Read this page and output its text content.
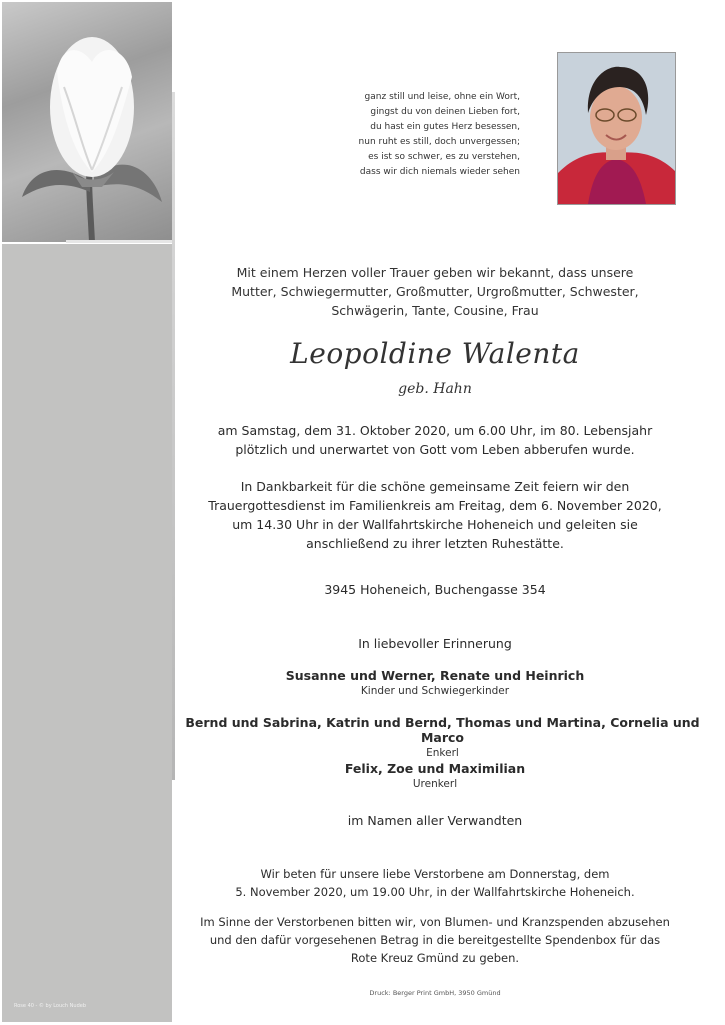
Rose 40 - © by Louch Nudeb
ganz still und leise, ohne ein Wort,
gingst du von deinen Lieben fort,
du hast ein gutes Herz besessen,
nun ruht es still, doch unvergessen;
es ist so schwer, es zu verstehen,
dass wir dich niemals wieder sehen
Mit einem Herzen voller Trauer geben wir bekannt, dass unsere
Mutter, Schwiegermutter, Großmutter, Urgroßmutter, Schwester,
Schwägerin, Tante, Cousine, Frau
Leopoldine Walenta
geb. Hahn
am Samstag, dem 31. Oktober 2020, um 6.00 Uhr, im 80. Lebensjahr
plötzlich und unerwartet von Gott vom Leben abberufen wurde.
In Dankbarkeit für die schöne gemeinsame Zeit feiern wir den
Trauergottesdienst im Familienkreis am Freitag, dem 6. November 2020,
um 14.30 Uhr in der Wallfahrtskirche Hoheneich und geleiten sie
anschließend zu ihrer letzten Ruhestätte.
3945 Hoheneich, Buchengasse 354
In liebevoller Erinnerung
Susanne und Werner, Renate und Heinrich
Kinder und Schwiegerkinder
Bernd und Sabrina, Katrin und Bernd, Thomas und Martina, Cornelia und Marco
Enkerl
Felix, Zoe und Maximilian
Urenkerl
im Namen aller Verwandten
Wir beten für unsere liebe Verstorbene am Donnerstag, dem
5. November 2020, um 19.00 Uhr, in der Wallfahrtskirche Hoheneich.
Im Sinne der Verstorbenen bitten wir, von Blumen- und Kranzspenden abzusehen
und den dafür vorgesehenen Betrag in die bereitgestellte Spendenbox für das
Rote Kreuz Gmünd zu geben.
Druck: Berger Print GmbH, 3950 Gmünd
